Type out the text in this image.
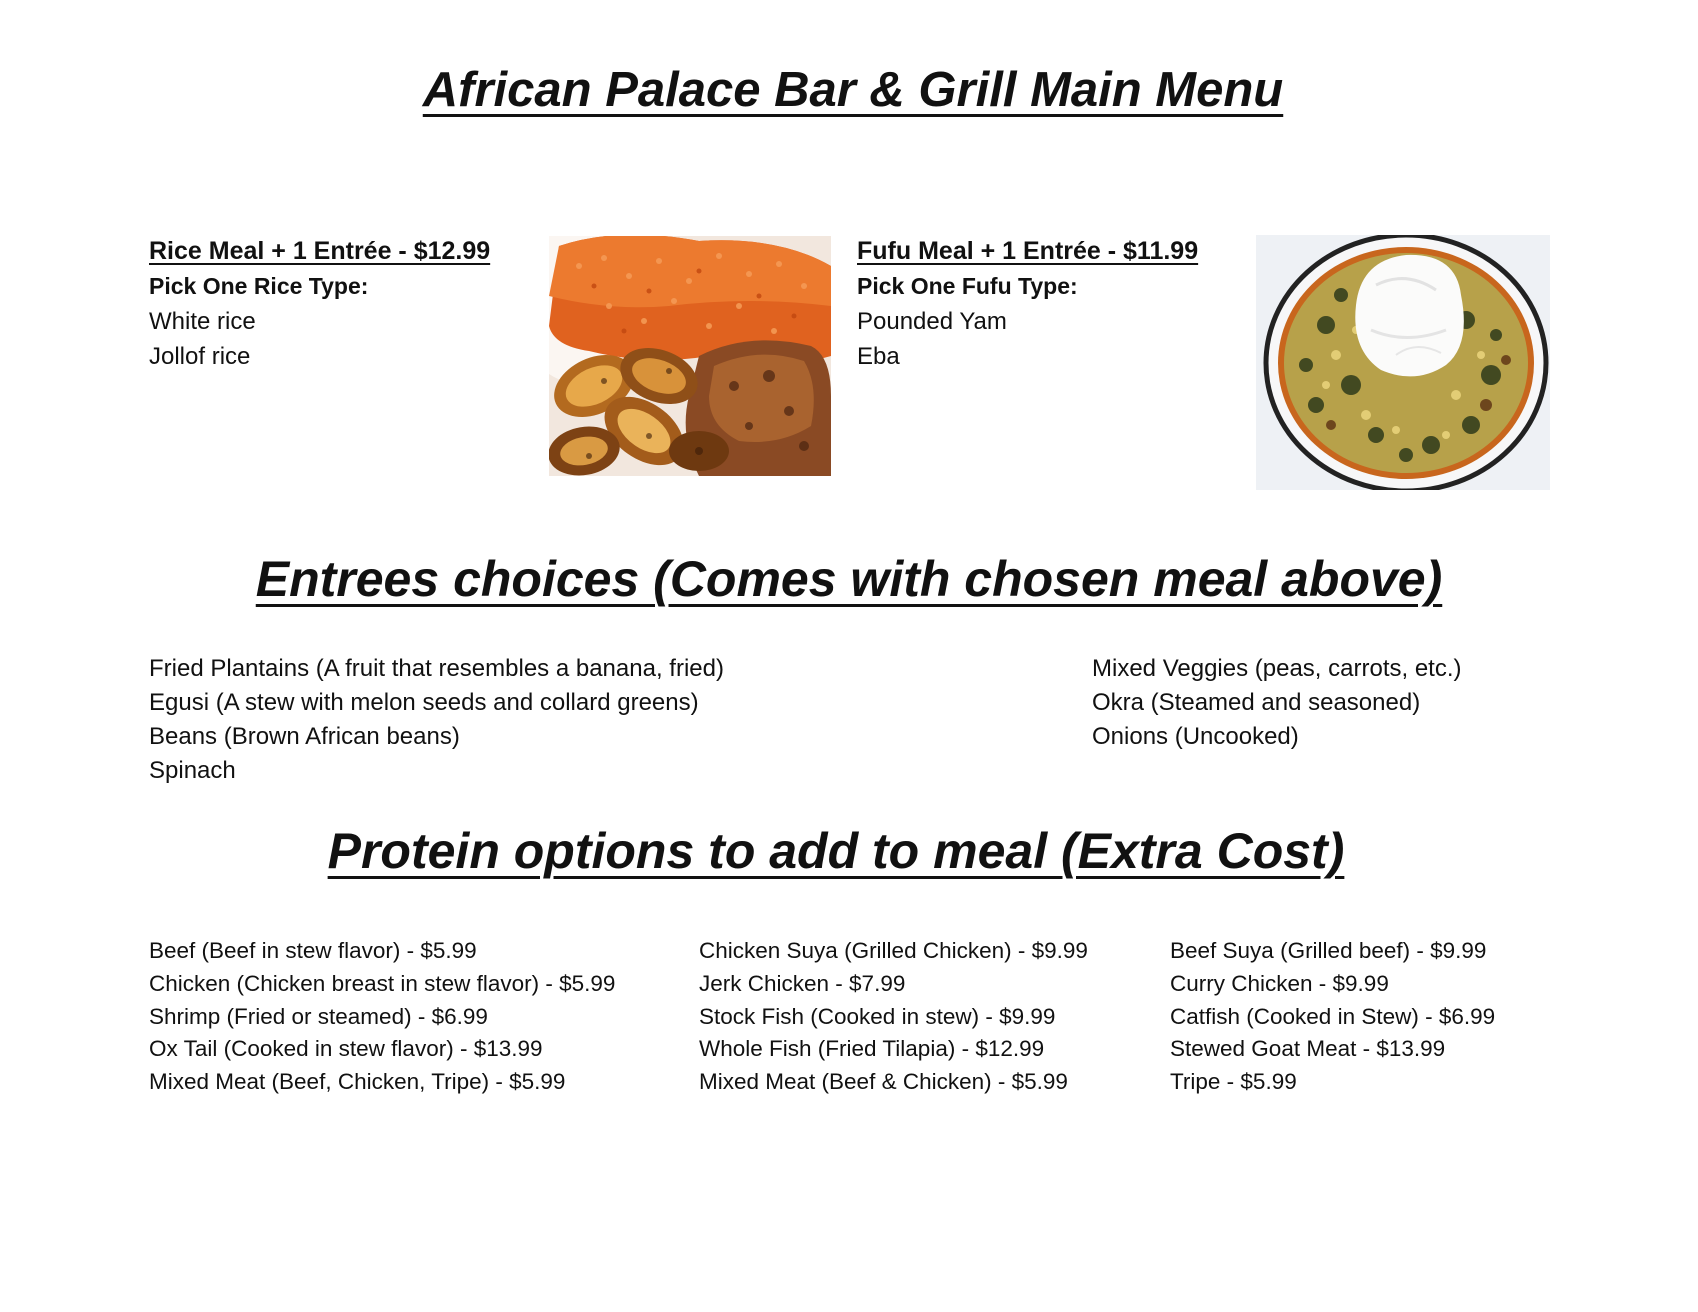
African Palace Bar & Grill Main Menu
Rice Meal + 1 Entrée - $12.99
Pick One Rice Type:
White rice
Jollof rice
Fufu Meal + 1 Entrée - $11.99
Pick One Fufu Type:
Pounded Yam
Eba
Entrees choices (Comes with chosen meal above)
Fried Plantains (A fruit that resembles a banana, fried)
Egusi (A stew with melon seeds and collard greens)
Beans (Brown African beans)
Spinach
Mixed Veggies (peas, carrots, etc.)
Okra (Steamed and seasoned)
Onions (Uncooked)
Protein options to add to meal (Extra Cost)
Beef (Beef in stew flavor) - $5.99
Chicken (Chicken breast in stew flavor) - $5.99
Shrimp (Fried or steamed) - $6.99
Ox Tail (Cooked in stew flavor) - $13.99
Mixed Meat (Beef, Chicken, Tripe) - $5.99
Chicken Suya (Grilled Chicken) - $9.99
Jerk Chicken - $7.99
Stock Fish (Cooked in stew) - $9.99
Whole Fish (Fried Tilapia) - $12.99
Mixed Meat (Beef & Chicken) - $5.99
Beef Suya (Grilled beef) - $9.99
Curry Chicken - $9.99
Catfish (Cooked in Stew) - $6.99
Stewed Goat Meat - $13.99
Tripe - $5.99
